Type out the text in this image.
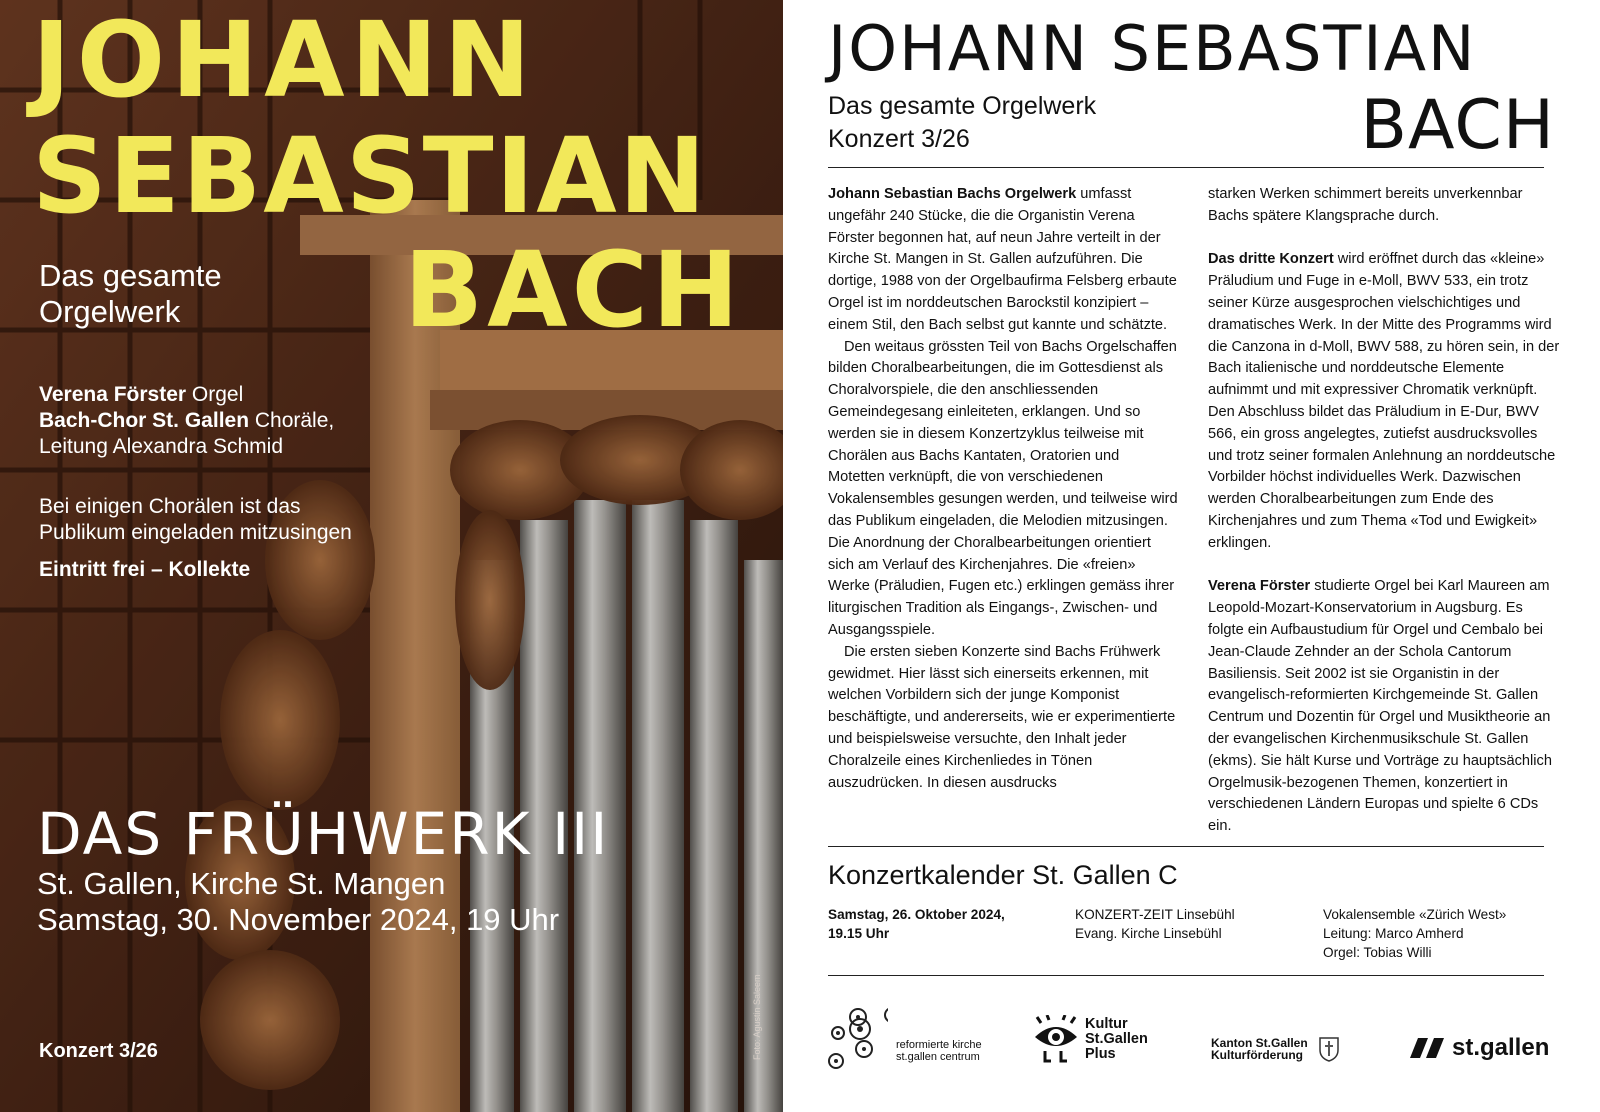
JOHANN
SEBASTIAN
BACH
Das gesamte
Orgelwerk
Verena Förster Orgel
Bach-Chor St. Gallen Choräle,
Leitung Alexandra Schmid
Bei einigen Chorälen ist das
Publikum eingeladen mitzusingen
Eintritt frei – Kollekte
DAS FRÜHWERK III
St. Gallen, Kirche St. Mangen
Samstag, 30. November 2024, 19 Uhr
Konzert 3/26	Foto: Agustin Saleem
JOHANN SEBASTIAN
BACH
Das gesamte Orgelwerk
Konzert 3/26

Johann Sebastian Bachs Orgelwerk umfasst ungefähr 240 Stücke, die die Organistin Verena Förster begonnen hat, auf neun Jahre verteilt in der Kirche St. Mangen in St. Gallen aufzuführen. Die dortige, 1988 von der Orgelbaufirma Felsberg erbaute Orgel ist im norddeutschen Barockstil konzipiert – einem Stil, den Bach selbst gut kannte und schätzte.

Den weitaus grössten Teil von Bachs Orgelschaffen bilden Choralbearbeitungen, die im Gottesdienst als Choralvorspiele, die den anschliessenden Gemeindegesang einleiteten, erklangen. Und so werden sie in diesem Konzertzyklus teilweise mit Chorälen aus Bachs Kantaten, Oratorien und Motetten verknüpft, die von verschiedenen Vokalensembles gesungen werden, und teilweise wird das Publikum eingeladen, die Melodien mitzusingen. Die Anordnung der Choralbearbeitungen orientiert sich am Verlauf des Kirchenjahres. Die «freien» Werke (Präludien, Fugen etc.) erklingen gemäss ihrer liturgischen Tradition als Eingangs-, Zwischen- und Ausgangsspiele.

Die ersten sieben Konzerte sind Bachs Frühwerk gewidmet. Hier lässt sich einerseits erkennen, mit welchen Vorbildern sich der junge Komponist beschäftigte, und andererseits, wie er experimentierte und beispielsweise versuchte, den Inhalt jeder Choralzeile eines Kirchenliedes in Tönen auszudrücken. In diesen ausdrucks

starken Werken schimmert bereits unverkennbar Bachs spätere Klangsprache durch.

Das dritte Konzert wird eröffnet durch das «kleine» Präludium und Fuge in e-Moll, BWV 533, ein trotz seiner Kürze ausgesprochen vielschichtiges und dramatisches Werk. In der Mitte des Programms wird die Canzona in d-Moll, BWV 588, zu hören sein, in der Bach italienische und norddeutsche Elemente aufnimmt und mit expressiver Chromatik verknüpft. Den Abschluss bildet das Präludium in E-Dur, BWV 566, ein gross angelegtes, zutiefst ausdrucksvolles und trotz seiner formalen Anlehnung an norddeutsche Vorbilder höchst individuelles Werk. Dazwischen werden Choralbearbeitungen zum Ende des Kirchenjahres und zum Thema «Tod und Ewigkeit» erklingen.

Verena Förster studierte Orgel bei Karl Maureen am Leopold-Mozart-Konservatorium in Augsburg. Es folgte ein Aufbaustudium für Orgel und Cembalo bei Jean-Claude Zehnder an der Schola Cantorum Basiliensis. Seit 2002 ist sie Organistin in der evangelisch-reformierten Kirchgemeinde St. Gallen Centrum und Dozentin für Orgel und Musiktheorie an der evangelischen Kirchenmusikschule St. Gallen (ekms). Sie hält Kurse und Vorträge zu hauptsächlich Orgelmusik-bezogenen Themen, konzertiert in verschiedenen Ländern Europas und spielte 6 CDs ein.

Konzertkalender St. Gallen C
Samstag, 26. Oktober 2024,
19.15 Uhr
KONZERT-ZEIT Linsebühl
Evang. Kirche Linsebühl
Vokalensemble «Zürich West»
Leitung: Marco Amherd
Orgel: Tobias Willi
reformierte kirche
st.gallen centrum
Kultur
St.Gallen
Plus
Kanton St.Gallen
Kulturförderung	st.gallen
